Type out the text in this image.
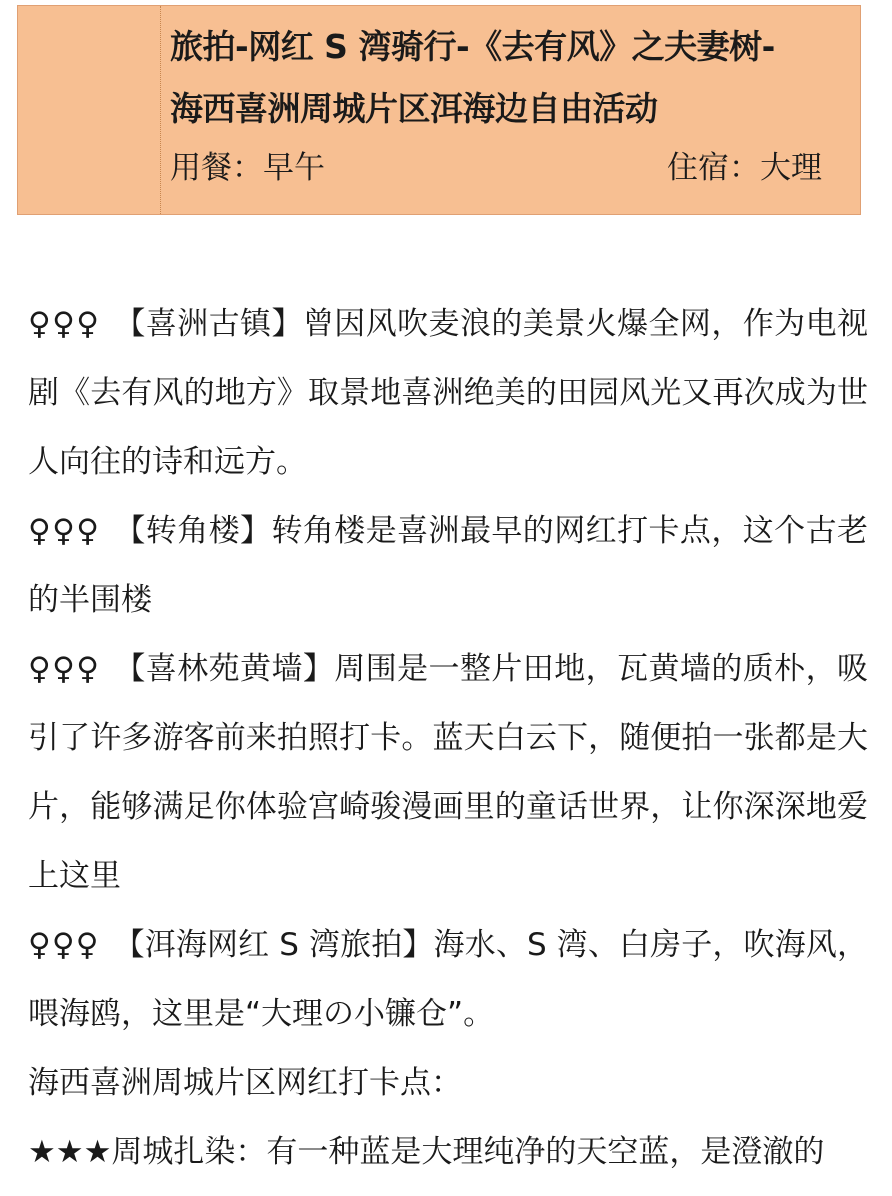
旅拍-网红 S 湾骑行-《去有风》之夫妻树-
海西喜洲周城片区洱海边自由活动
用餐：早午	住宿：大理

♀♀♀ 【喜洲古镇】曾因风吹麦浪的美景火爆全网，作为电视剧《去有风的地方》取景地喜洲绝美的田园风光又再次成为世人向往的诗和远方。

♀♀♀ 【转角楼】转角楼是喜洲最早的网红打卡点，这个古老的半围楼

♀♀♀ 【喜林苑黄墙】周围是一整片田地，瓦黄墙的质朴，吸引了许多游客前来拍照打卡。蓝天白云下，随便拍一张都是大片，能够满足你体验宫崎骏漫画里的童话世界，让你深深地爱上这里

♀♀♀ 【洱海网红 S 湾旅拍】海水、S 湾、白房子，吹海风，喂海鸥，这里是“大理の小镰仓”。

海西喜洲周城片区网红打卡点：

★★★周城扎染：有一种蓝是大理纯净的天空蓝，是澄澈的
